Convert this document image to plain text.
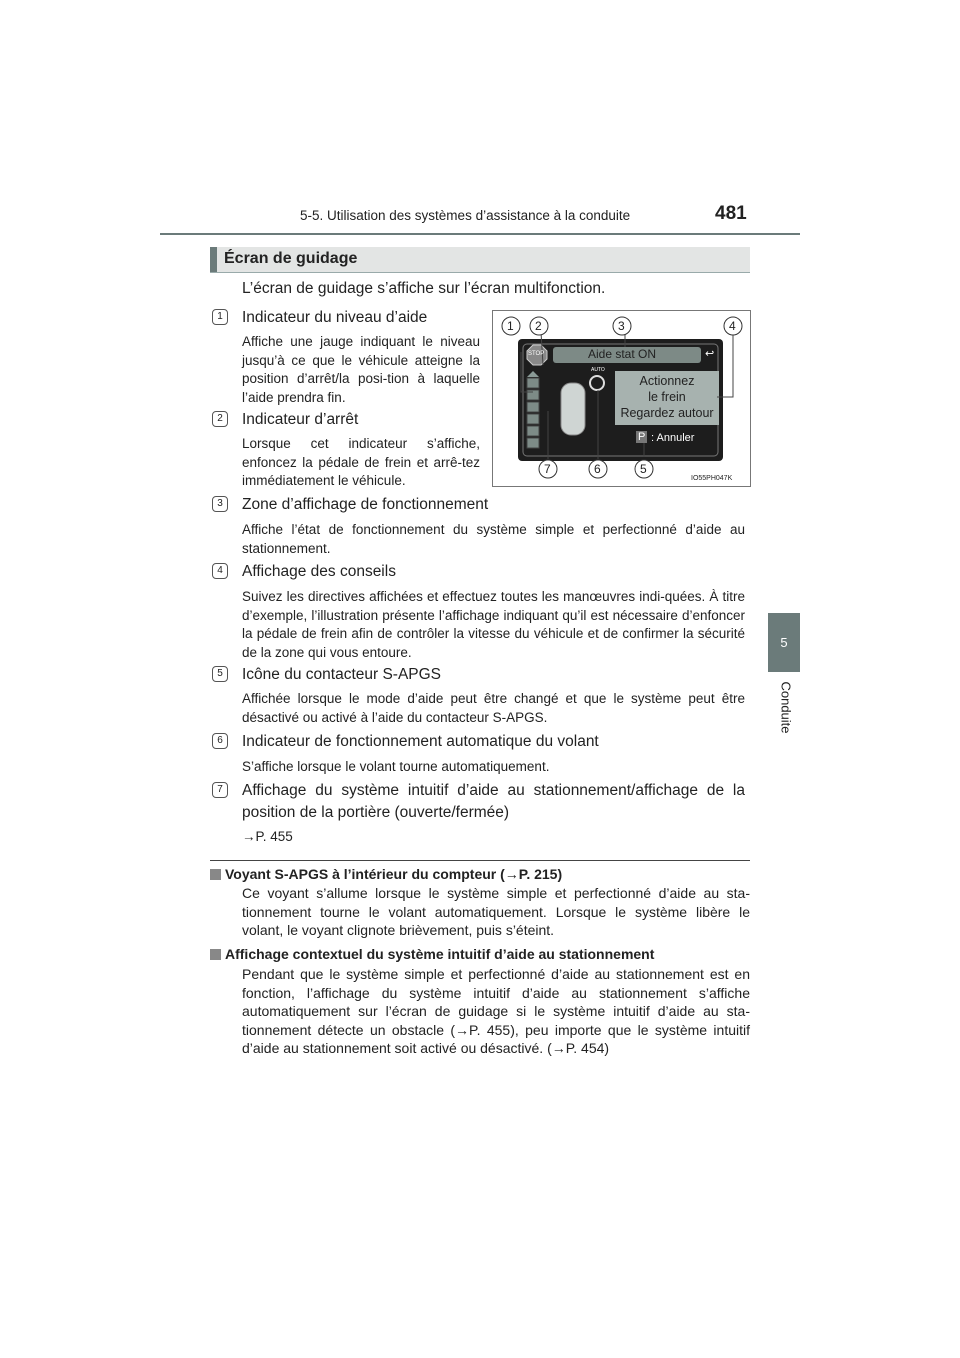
5-5. Utilisation des systèmes d’assistance à la conduite	481
Écran de guidage
L’écran de guidage s’affiche sur l’écran multifonction.
1	Indicateur du niveau d’aide
Affiche une jauge indiquant le niveau jusqu’à ce que le véhicule atteigne la position d’arrêt/la posi-tion à laquelle l’aide prendra fin.
2	Indicateur d’arrêt
Lorsque cet indicateur s’affiche, enfoncez la pédale de frein et arrê-tez immédiatement le véhicule.
3	Zone d’affichage de fonctionnement
Affiche l’état de fonctionnement du système simple et perfectionné d’aide au stationnement.
4	Affichage des conseils
Suivez les directives affichées et effectuez toutes les manœuvres indi-quées. À titre d’exemple, l’illustration présente l’affichage indiquant qu’il est nécessaire d’enfoncer la pédale de frein afin de contrôler la vitesse du véhicule et de confirmer la sécurité de la zone qui vous entoure.
5	Icône du contacteur S-APGS
Affichée lorsque le mode d’aide peut être changé et que le système peut être désactivé ou activé à l’aide du contacteur S-APGS.
6	Indicateur de fonctionnement automatique du volant
S’affiche lorsque le volant tourne automatiquement.
7	Affichage du système intuitif d’aide au stationnement/affichage de la position de la portière (ouverte/fermée)
→P. 455
STOP	Aide stat ON	↩
AUTO
Actionnez
le frein
Regardez autour
P : Annuler
IO55PH047K
1 2	3	4
5
6
7
5
Conduite
Voyant S-APGS à l’intérieur du compteur (→P. 215)
Ce voyant s’allume lorsque le système simple et perfectionné d’aide au sta-tionnement tourne le volant automatiquement. Lorsque le système libère le volant, le voyant clignote brièvement, puis s’éteint.
Affichage contextuel du système intuitif d’aide au stationnement
Pendant que le système simple et perfectionné d’aide au stationnement est en fonction, l’affichage du système intuitif d’aide au stationnement s’affiche automatiquement sur l’écran de guidage si le système intuitif d’aide au sta-tionnement détecte un obstacle (→P. 455), peu importe que le système intuitif d’aide au stationnement soit activé ou désactivé. (→P. 454)
